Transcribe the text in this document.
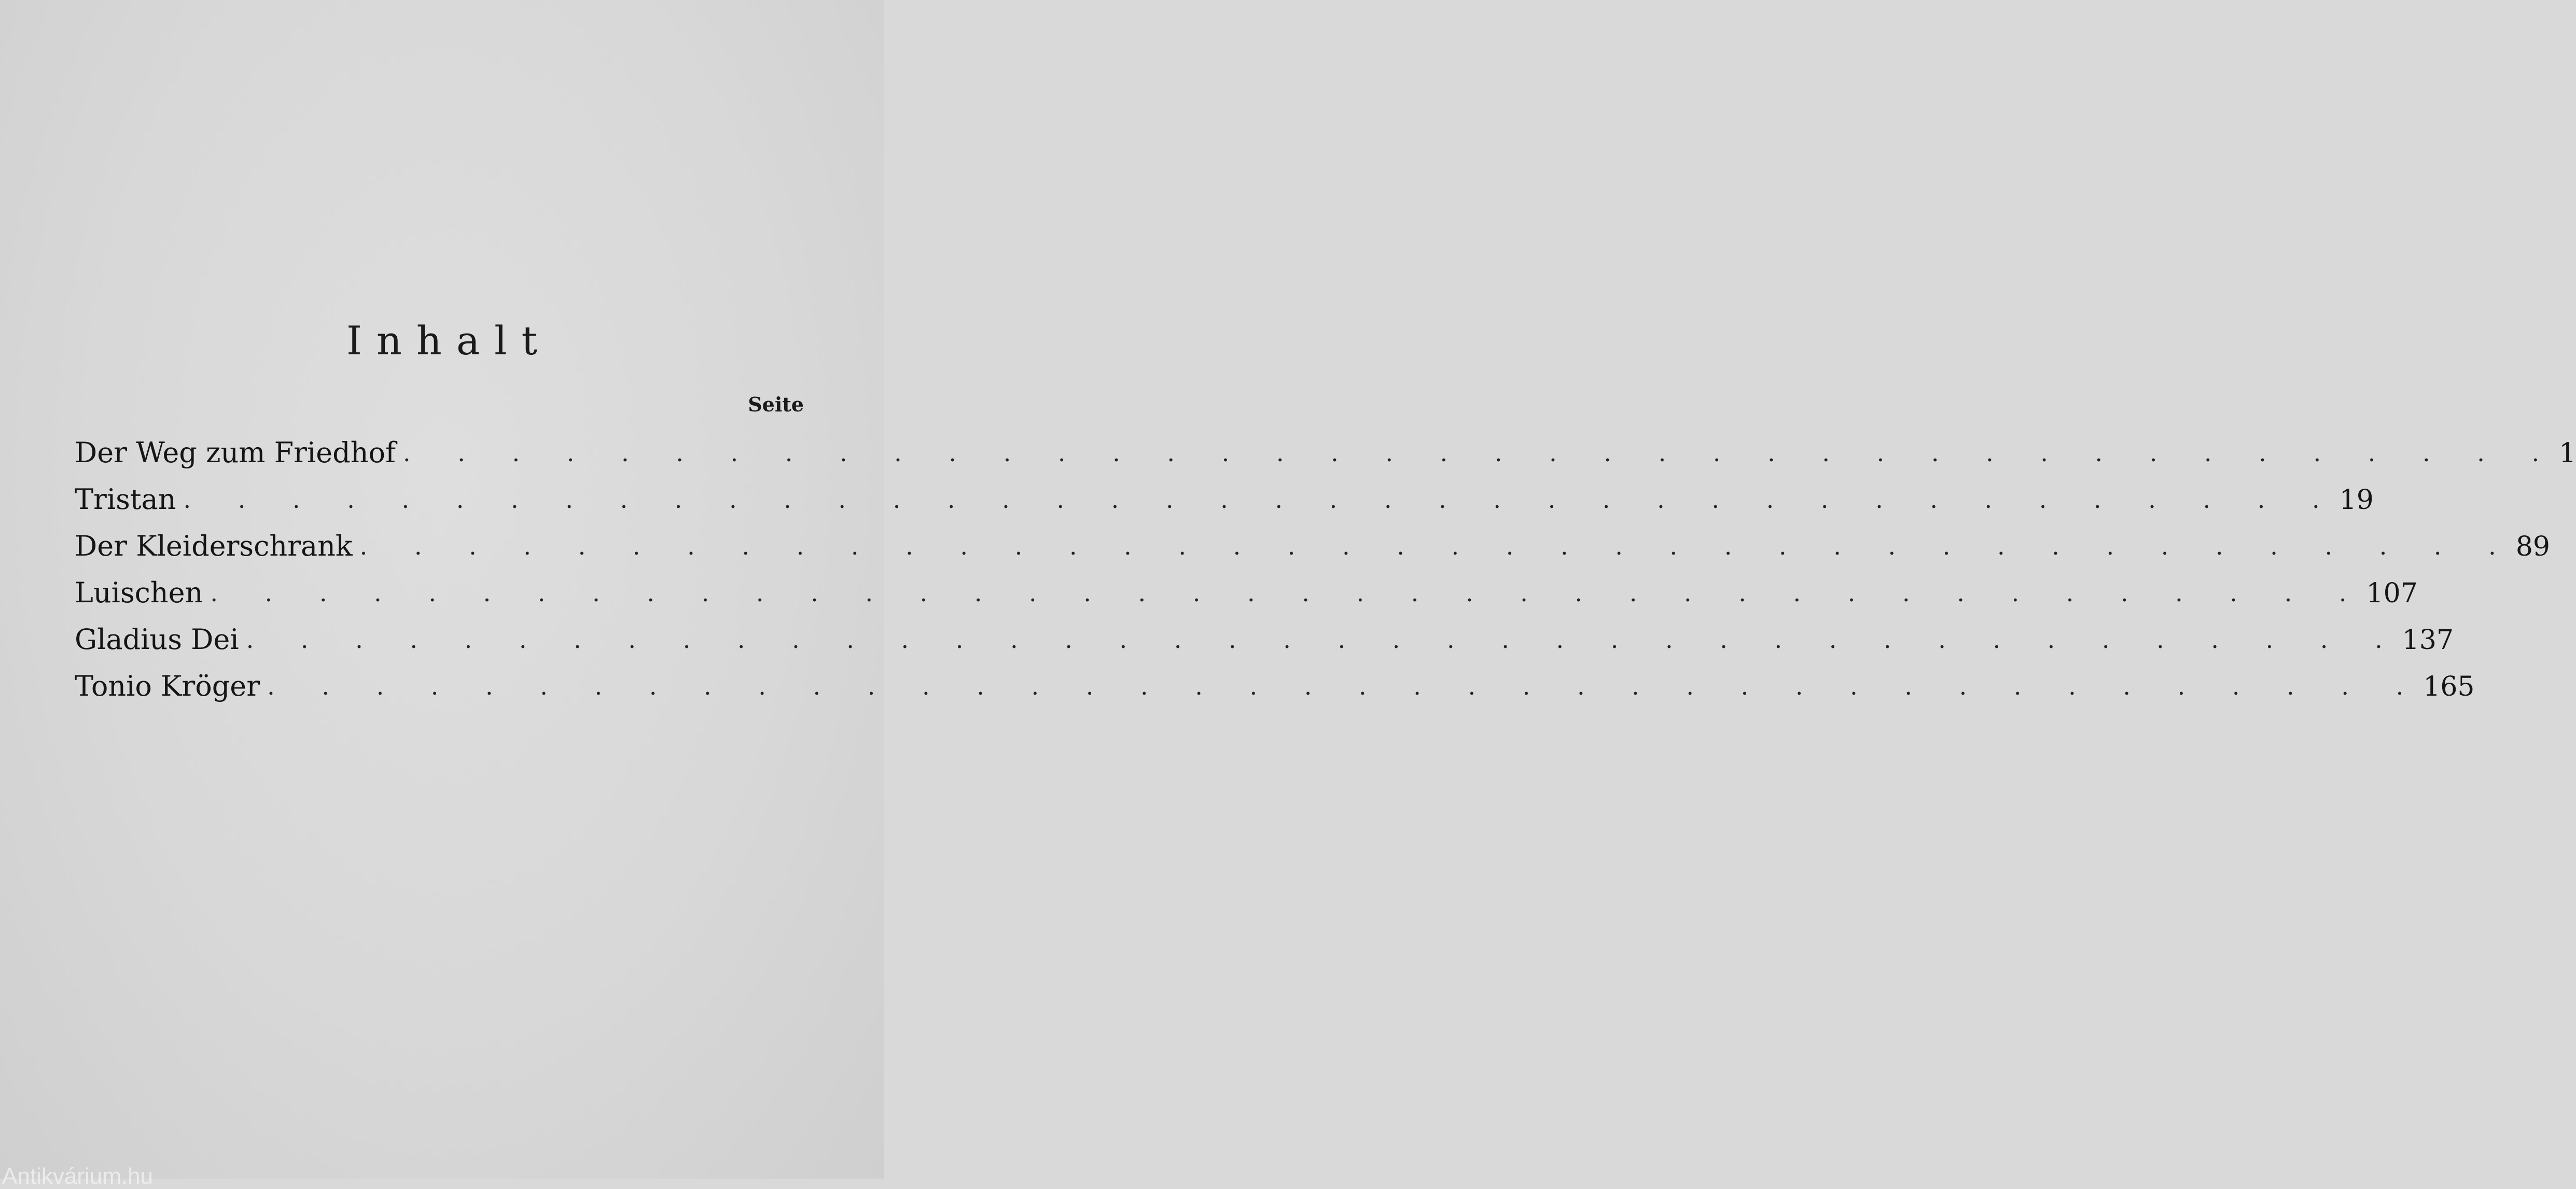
Inhalt
Seite
Der Weg zum Friedhof . . . . . . . . . . . . . . . . . . . . . . . . . . . . . . . . . . . . . . . . 1
Tristan . . . . . . . . . . . . . . . . . . . . . . . . . . . . . . . . . . . . . . . . 19
Der Kleiderschrank . . . . . . . . . . . . . . . . . . . . . . . . . . . . . . . . . . . . . . . . 89
Luischen . . . . . . . . . . . . . . . . . . . . . . . . . . . . . . . . . . . . . . . . 107
Gladius Dei . . . . . . . . . . . . . . . . . . . . . . . . . . . . . . . . . . . . . . . . 137
Tonio Kröger . . . . . . . . . . . . . . . . . . . . . . . . . . . . . . . . . . . . . . . . 165
Antikvárium.hu
